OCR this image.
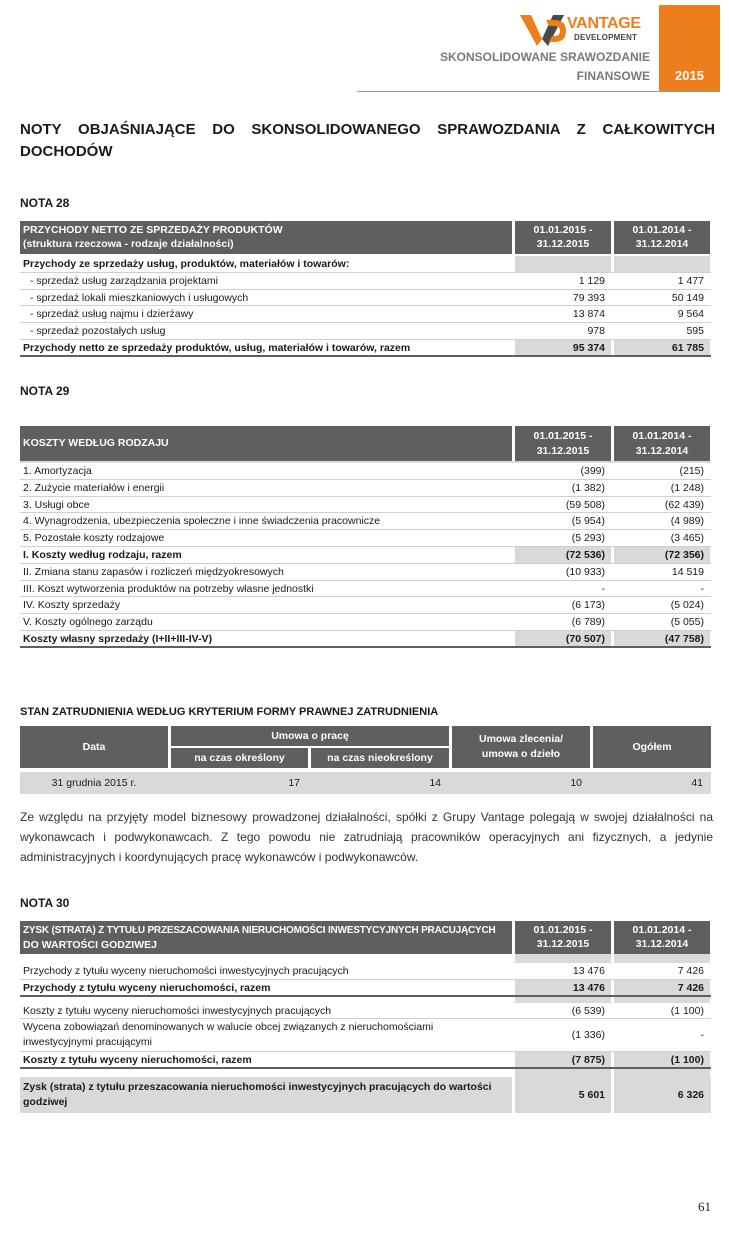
VANTAGE
DEVELOPMENT
2015
SKONSOLIDOWANE SRAWOZDANIE
FINANSOWE
NOTY OBJAŚNIAJĄCE DO SKONSOLIDOWANEGO SPRAWOZDANIA Z CAŁKOWITYCH DOCHODÓW
NOTA 28
PRZYCHODY NETTO ZE SPRZEDAŻY PRODUKTÓW
(struktura rzeczowa - rodzaje działalności)
01.01.2015 -
31.12.2015
01.01.2014 -
31.12.2014
Przychody ze sprzedaży usług, produktów, materiałów i towarów:
- sprzedaż usług zarządzania projektami	1 129	1 477
- sprzedaż lokali mieszkaniowych i usługowych	79 393	50 149
- sprzedaż usług najmu i dzierżawy	13 874	9 564
- sprzedaż pozostałych usług	978	595
Przychody netto ze sprzedaży produktów, usług, materiałów i towarów, razem	95 374	61 785
NOTA 29
KOSZTY WEDŁUG RODZAJU
01.01.2015 -
31.12.2015
01.01.2014 -
31.12.2014
1. Amortyzacja	(399)	(215)
2. Zużycie materiałów i energii	(1 382)	(1 248)
3. Usługi obce	(59 508)	(62 439)
4. Wynagrodzenia, ubezpieczenia społeczne i inne świadczenia pracownicze	(5 954)	(4 989)
5. Pozostałe koszty rodzajowe	(5 293)	(3 465)
I. Koszty według rodzaju, razem	(72 536)	(72 356)
II. Zmiana stanu zapasów i rozliczeń międzyokresowych	(10 933)	14 519
III. Koszt wytworzenia produktów na potrzeby własne jednostki	-	-
IV. Koszty sprzedaży	(6 173)	(5 024)
V. Koszty ogólnego zarządu	(6 789)	(5 055)
Koszty własny sprzedaży (I+II+III-IV-V)	(70 507)	(47 758)
STAN ZATRUDNIENIA WEDŁUG KRYTERIUM FORMY PRAWNEJ ZATRUDNIENIA
Data
Umowa o pracę
na czas określony	na czas nieokreślony
Umowa zlecenia/
umowa o dzieło
Ogółem
31 grudnia 2015 r.	17	14	10	41
Ze względu na przyjęty model biznesowy prowadzonej działalności, spółki z Grupy Vantage polegają w swojej działalności na wykonawcach i podwykonawcach. Z tego powodu nie zatrudniają pracowników operacyjnych ani fizycznych, a jedynie administracyjnych i koordynujących pracę wykonawców i podwykonawców.
NOTA 30
ZYSK (STRATA) Z TYTUŁU PRZESZACOWANIA NIERUCHOMOŚCI INWESTYCYJNYCH PRACUJĄCYCH
DO WARTOŚCI GODZIWEJ
01.01.2015 -
31.12.2015
01.01.2014 -
31.12.2014
Przychody z tytułu wyceny nieruchomości inwestycyjnych pracujących	13 476	7 426
Przychody z tytułu wyceny nieruchomości, razem	13 476	7 426
Koszty z tytułu wyceny nieruchomości inwestycyjnych pracujących	(6 539)	(1 100)
Wycena zobowiązań denominowanych w walucie obcej związanych z nieruchomościami
inwestycyjnymi pracującymi
(1 336)	-
Koszty z tytułu wyceny nieruchomości, razem	(7 875)	(1 100)
Zysk (strata) z tytułu przeszacowania nieruchomości inwestycyjnych pracujących do wartości
godziwej
5 601	6 326
61
